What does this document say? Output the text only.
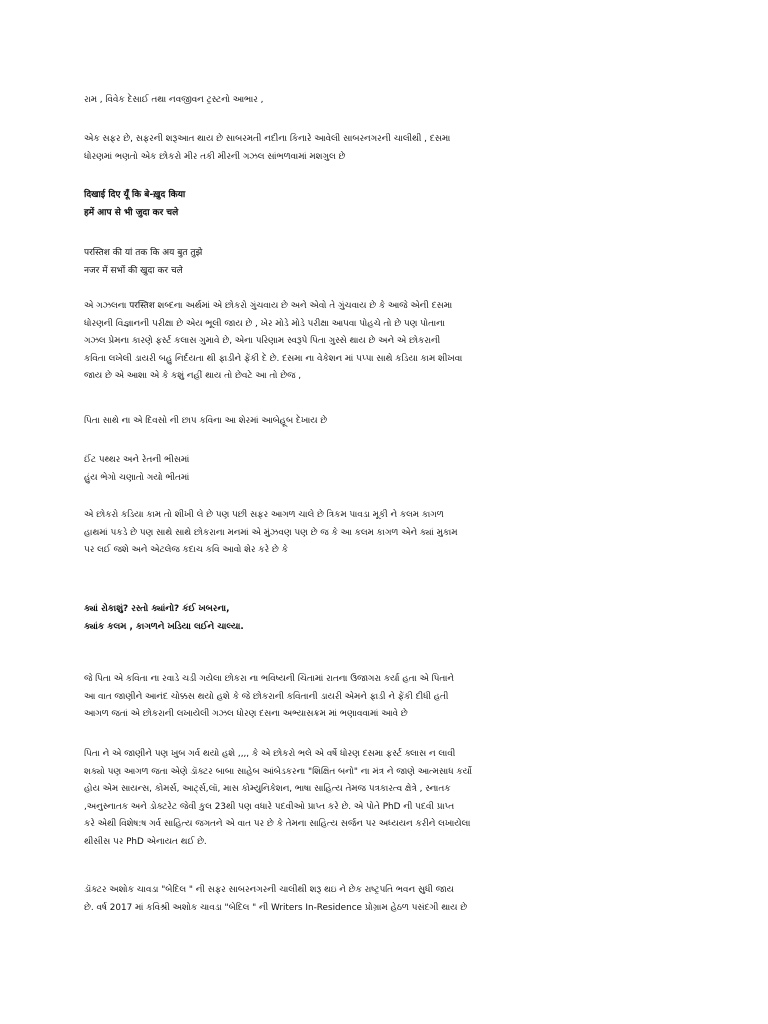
રામ , વિવેક દેસાઈ તથા નવજીવન ટ્રસ્ટનો આભાર ,

એક સફર છે, સફરની શરૂઆત થાય છે સાબરમતી નદીના કિનારે આવેલી સાબરનગરની ચાલીથી , દસમા
ધોરણમાં ભણતો એક છોકરો મીર તકી મીરની ગઝલ સાંભળવામાં મશગુલ છે

दिखाई दिए यूँ कि बे-ख़ुद किया
हमें आप से भी जुदा कर चले

परस्तिश की यां तक कि अय बुत तुझे
नजर में सभों की खुदा कर चले

એ ગઝલના परस्तिश શબ્દના અર્થમાં એ છોકરો ગુંચવાય છે અને એવો તે ગુંચવાય છે કે આજે એની દસમા
ધોરણની વિજ્ઞાનની પરીક્ષા છે એય ભૂલી જાય છે , ખેર મોડે મોડે પરીક્ષા આપવા પોહચે તો છે પણ પોતાના
ગઝલ પ્રેમના કારણે ફર્સ્ટ કલાસ ગુમાવે છે, એના પરિણામ સ્વરૂપે પિતા ગુસ્સે થાય છે અને એ છોકરાની
કવિતા લખેલી ડાયરી બહુ નિર્દયતા થી ફાડીને ફેંકી દે છે. દસમા ના વેકેશન માં પપ્પા સાથે કડિયા કામ શીખવા
જાય છે એ આશા એ કે કશું નહીં થાય તો છેવટે આ તો છેજ ,

પિતા સાથે ના એ દિવસો ની છાપ કવિના આ શેરમાં આબેહૂબ દેખાય છે

ઈંટ પથ્થર અને રેતની ભીસમાં
હુંય ભેગો ચણાતો ગયો ભીતમાં

એ છોકરો કડિયા કામ તો શીખી લે છે પણ પછી સફર આગળ ચાલે છે ત્રિકમ પાવડા મૂકી ને કલમ કાગળ
હાથમાં પકડે છે પણ સાથે સાથે છોકરાના મનમાં એ મુંઝવણ પણ છે જ કે આ કલમ કાગળ એને ક્યાં મુકામ
પર લઈ જશે અને એટલેજ કદાચ કવિ આવો શેર કરે છે કે

ક્યાં રોકાશું? રસ્તો ક્યાંનો? કંઈ ખબરના,
ક્યાંક કલમ , કાગળને ખડિયા લઈને ચાલ્યા.

જે પિતા એ કવિતા ના રવાડે ચડી ગયેલા છોકરા ના ભવિષ્યની ચિંતામાં રાતના ઉજાગરા કર્યા હતા એ પિતાને
આ વાત જાણીને આનંદ ચોક્કસ થયો હશે કે જે છોકરાની કવિતાની ડાયરી એમને ફાડી ને ફેંકી દીધી હતી
આગળ જતાં એ છોકરાની લખાયેલી ગઝલ ધોરણ દસના અભ્યાસક્રમ માં ભણાવવામાં આવે છે

પિતા ને એ જાણીને પણ ખુબ ગર્વ થયો હશે ,,,, કે એ છોકરો ભલે એ વર્ષે ધોરણ દસમા ફર્સ્ટ ક્લાસ ન લાવી
શક્યો પણ આગળ જતા એણે ડૉક્ટર બાબા સાહેબ આંબેડકરના "શિક્ષિત બનો" ના મંત્ર ને જાણે આત્મસાધ કર્યો
હોય એમ સાયન્સ, કોમર્સ, આર્ટ્સ,લૉ, માસ કોમ્યુનિકેશન, ભાષા સાહિત્ય તેમજ પત્રકારત્વ ક્ષેત્રે , સ્નાતક
,અનુસ્નાતક અને ડોક્ટરેટ જેવી કુલ 23થી પણ વધારે પદવીઓ પ્રાપ્ત કરે છે. એ પોતે PhD ની પદવી પ્રાપ્ત
કરે એથી વિશેષ:ષ ગર્વ સાહિત્ય જગતને એ વાત પર છે કે તેમના સાહિત્ય સર્જન પર અધ્યયન કરીને લખાયેલા
થીસીસ પર PhD એનાયત થઈ છે.

ડૉક્ટર અશોક ચાવડા "બેદિલ " ની સફર સાબરનગરની ચાલીથી શરૂ થઇ ને છેક રાષ્ટ્રપતિ ભવન સુધી જાય
છે. વર્ષ 2017 માં કવિશ્રી અશોક ચાવડા "બેદિલ " ની Writers In-Residence પ્રોગ્રામ હેઠળ પસંદગી થાય છે
